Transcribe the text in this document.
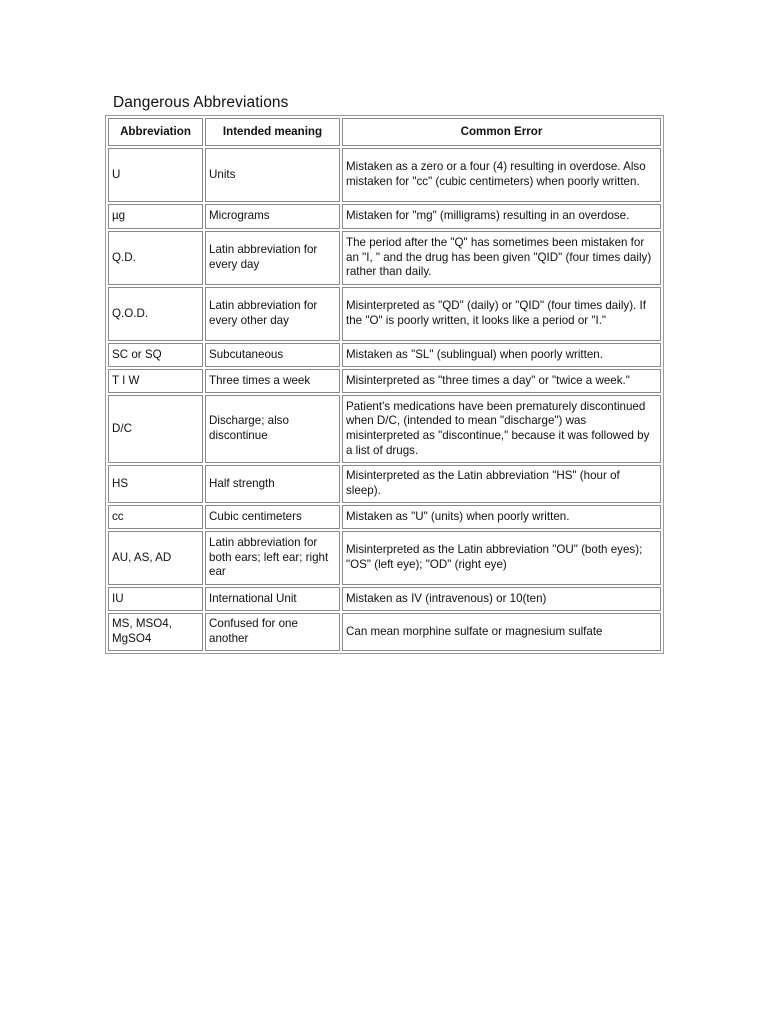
Dangerous Abbreviations
Abbreviation	Intended meaning	Common Error
U	Units	Mistaken as a zero or a four (4) resulting in overdose. Also mistaken for "cc" (cubic centimeters) when poorly written.
µg	Micrograms	Mistaken for "mg" (milligrams) resulting in an overdose.
Q.D.	Latin abbreviation for every day	The period after the "Q" has sometimes been mistaken for an "I, " and the drug has been given "QID" (four times daily) rather than daily.
Q.O.D.	Latin abbreviation for every other day	Misinterpreted as "QD" (daily) or "QID" (four times daily). If the "O" is poorly written, it looks like a period or "I."
SC or SQ	Subcutaneous	Mistaken as "SL" (sublingual) when poorly written.
T I W	Three times a week	Misinterpreted as "three times a day" or "twice a week."
D/C	Discharge; also discontinue	Patient's medications have been prematurely discontinued when D/C, (intended to mean "discharge") was misinterpreted as "discontinue," because it was followed by a list of drugs.
HS	Half strength	Misinterpreted as the Latin abbreviation "HS" (hour of sleep).
cc	Cubic centimeters	Mistaken as "U" (units) when poorly written.
AU, AS, AD	Latin abbreviation for both ears; left ear; right ear	Misinterpreted as the Latin abbreviation "OU" (both eyes); "OS" (left eye); "OD" (right eye)
IU	International Unit	Mistaken as IV (intravenous) or 10(ten)
MS, MSO4, MgSO4	Confused for one another	Can mean morphine sulfate or magnesium sulfate
